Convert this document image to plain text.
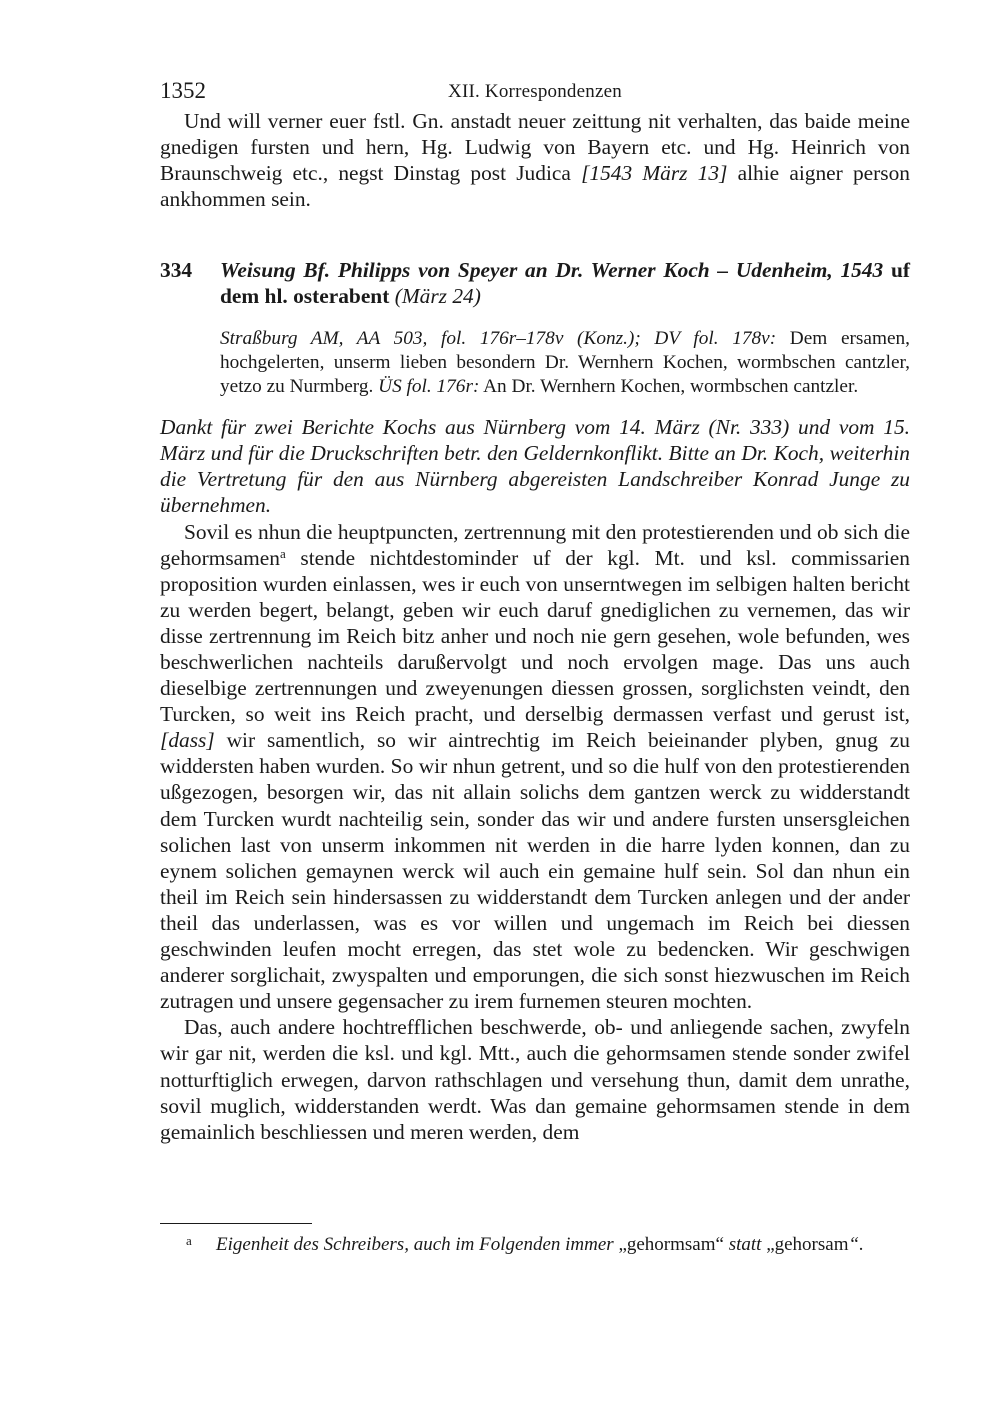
1352	XII. Korrespondenzen

Und will verner euer fstl. Gn. anstadt neuer zeittung nit verhalten, das baide meine gnedigen fursten und hern, Hg. Ludwig von Bayern etc. und Hg. Heinrich von Braunschweig etc., negst Dinstag post Judica [1543 März 13] alhie aigner person ankhommen sein.

334	Weisung Bf. Philipps von Speyer an Dr. Werner Koch – Udenheim, 1543 uf dem hl. osterabent (März 24)
Straßburg AM, AA 503, fol. 176r–178v (Konz.); DV fol. 178v: Dem ersamen, hochgelerten, unserm lieben besondern Dr. Wernhern Kochen, wormbschen cantzler, yetzo zu Nurmberg. ÜS fol. 176r: An Dr. Wernhern Kochen, wormbschen cantzler.
Dankt für zwei Berichte Kochs aus Nürnberg vom 14. März (Nr. 333) und vom 15. März und für die Druckschriften betr. den Geldernkonflikt. Bitte an Dr. Koch, weiterhin die Vertretung für den aus Nürnberg abgereisten Landschreiber Konrad Junge zu übernehmen.

Sovil es nhun die heuptpuncten, zertrennung mit den protestierenden und ob sich die gehormsamen$^a$ stende nichtdestominder uf der kgl. Mt. und ksl. commissarien proposition wurden einlassen, wes ir euch von unserntwegen im selbigen halten bericht zu werden begert, belangt, geben wir euch daruf gnediglichen zu vernemen, das wir disse zertrennung im Reich bitz anher und noch nie gern gesehen, wole befunden, wes beschwerlichen nachteils darußervolgt und noch ervolgen mage. Das uns auch dieselbige zertrennungen und zweyenungen diessen grossen, sorglichsten veindt, den Turcken, so weit ins Reich pracht, und derselbig dermassen verfast und gerust ist, [dass] wir samentlich, so wir aintrechtig im Reich beieinander plyben, gnug zu widdersten haben wurden. So wir nhun getrent, und so die hulf von den protestierenden ußgezogen, besorgen wir, das nit allain solichs dem gantzen werck zu widderstandt dem Turcken wurdt nachteilig sein, sonder das wir und andere fursten unsersgleichen solichen last von unserm inkommen nit werden in die harre lyden konnen, dan zu eynem solichen gemaynen werck wil auch ein gemaine hulf sein. Sol dan nhun ein theil im Reich sein hindersassen zu widderstandt dem Turcken anlegen und der ander theil das underlassen, was es vor willen und ungemach im Reich bei diessen geschwinden leufen mocht erregen, das stet wole zu bedencken. Wir geschwigen anderer sorglichait, zwyspalten und emporungen, die sich sonst hiezwuschen im Reich zutragen und unsere gegensacher zu irem furnemen steuren mochten.

Das, auch andere hochtrefflichen beschwerde, ob- und anliegende sachen, zwyfeln wir gar nit, werden die ksl. und kgl. Mtt., auch die gehormsamen stende sonder zwifel notturftiglich erwegen, darvon rathschlagen und versehung thun, damit dem unrathe, sovil muglich, widderstanden werdt. Was dan gemaine gehormsamen stende in dem gemainlich beschliessen und meren werden, dem

a Eigenheit des Schreibers, auch im Folgenden immer „gehormsam“ statt „gehorsam“.
